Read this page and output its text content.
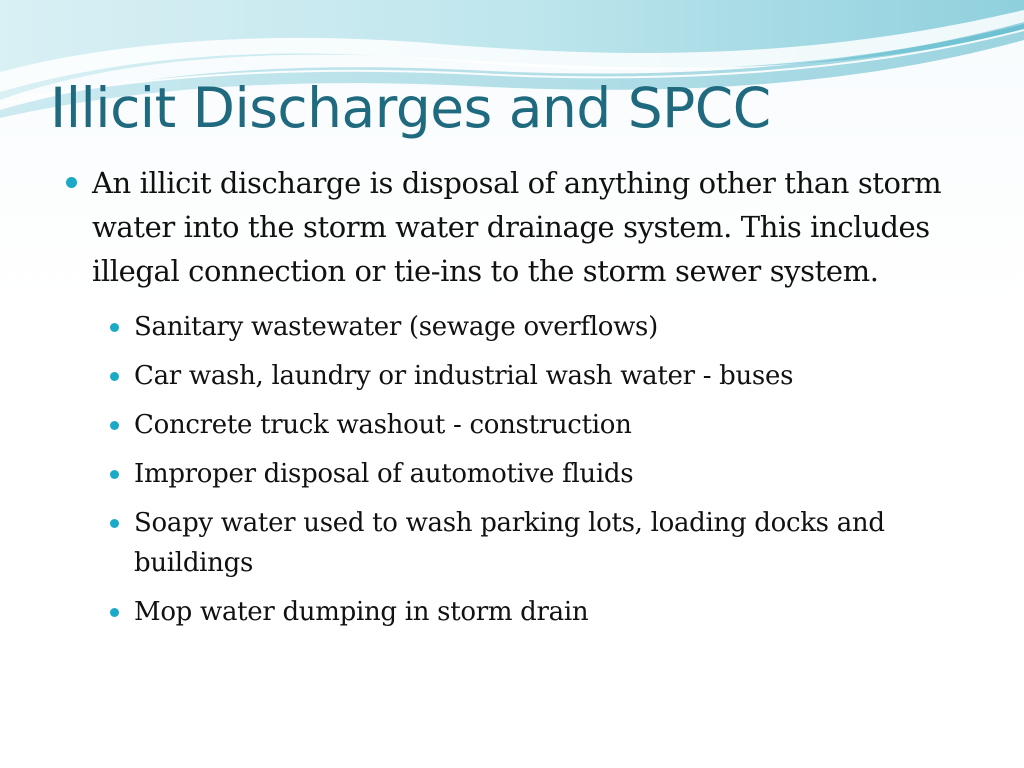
Illicit Discharges and SPCC
An illicit discharge is disposal of anything other than storm water into the storm water drainage system. This includes illegal connection or tie-ins to the storm sewer system.
Sanitary wastewater (sewage overflows)
Car wash, laundry or industrial wash water - buses
Concrete truck washout - construction
Improper disposal of automotive fluids
Soapy water used to wash parking lots, loading docks and buildings
Mop water dumping in storm drain
